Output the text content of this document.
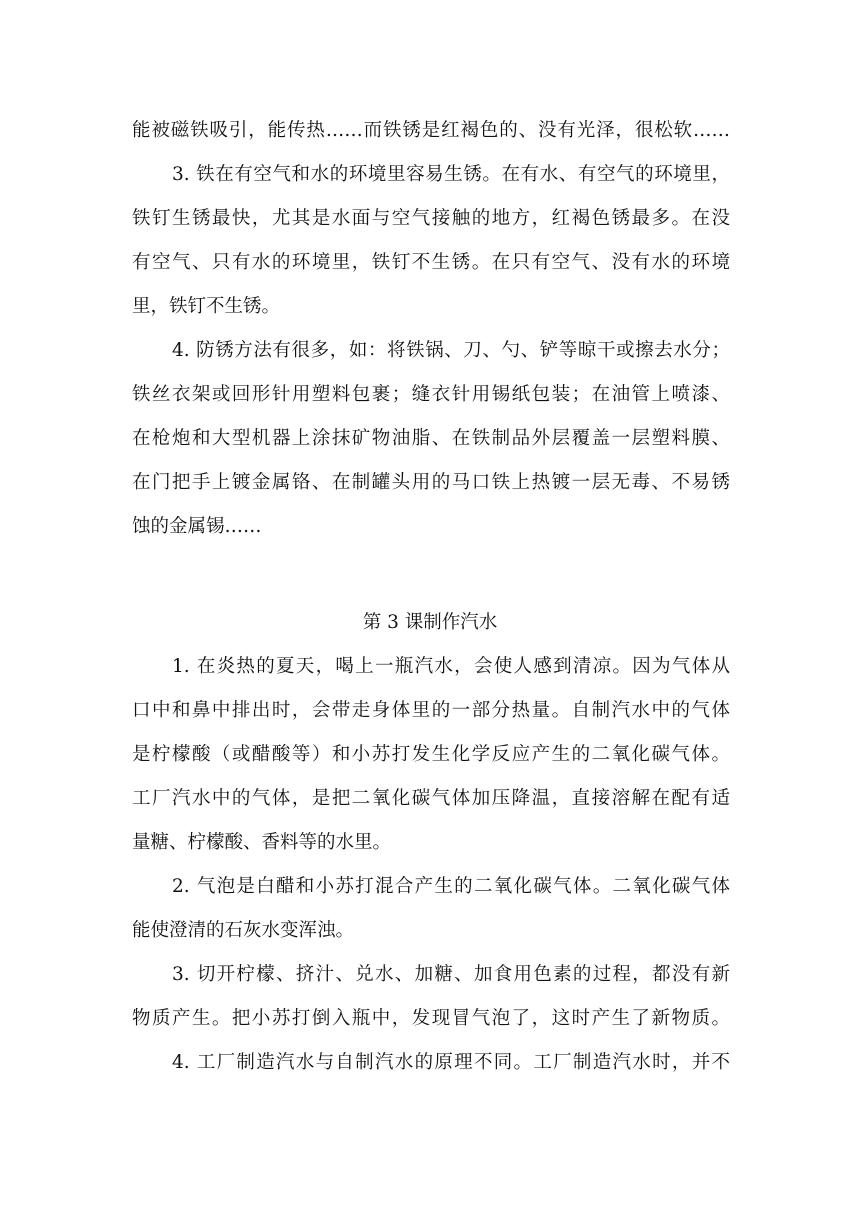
能被磁铁吸引，能传热……而铁锈是红褐色的、没有光泽，很松软……
3. 铁在有空气和水的环境里容易生锈。在有水、有空气的环境里，
铁钉生锈最快，尤其是水面与空气接触的地方，红褐色锈最多。在没
有空气、只有水的环境里，铁钉不生锈。在只有空气、没有水的环境
里，铁钉不生锈。
4. 防锈方法有很多，如：将铁锅、刀、勺、铲等晾干或擦去水分；
铁丝衣架或回形针用塑料包裹；缝衣针用锡纸包装；在油管上喷漆、
在枪炮和大型机器上涂抹矿物油脂、在铁制品外层覆盖一层塑料膜、
在门把手上镀金属铬、在制罐头用的马口铁上热镀一层无毒、不易锈
蚀的金属锡……
第 3 课制作汽水
1. 在炎热的夏天，喝上一瓶汽水，会使人感到清凉。因为气体从
口中和鼻中排出时，会带走身体里的一部分热量。自制汽水中的气体
是柠檬酸（或醋酸等）和小苏打发生化学反应产生的二氧化碳气体。
工厂汽水中的气体，是把二氧化碳气体加压降温，直接溶解在配有适
量糖、柠檬酸、香料等的水里。
2. 气泡是白醋和小苏打混合产生的二氧化碳气体。二氧化碳气体
能使澄清的石灰水变浑浊。
3. 切开柠檬、挤汁、兑水、加糖、加食用色素的过程，都没有新
物质产生。把小苏打倒入瓶中，发现冒气泡了，这时产生了新物质。
4. 工厂制造汽水与自制汽水的原理不同。工厂制造汽水时，并不
